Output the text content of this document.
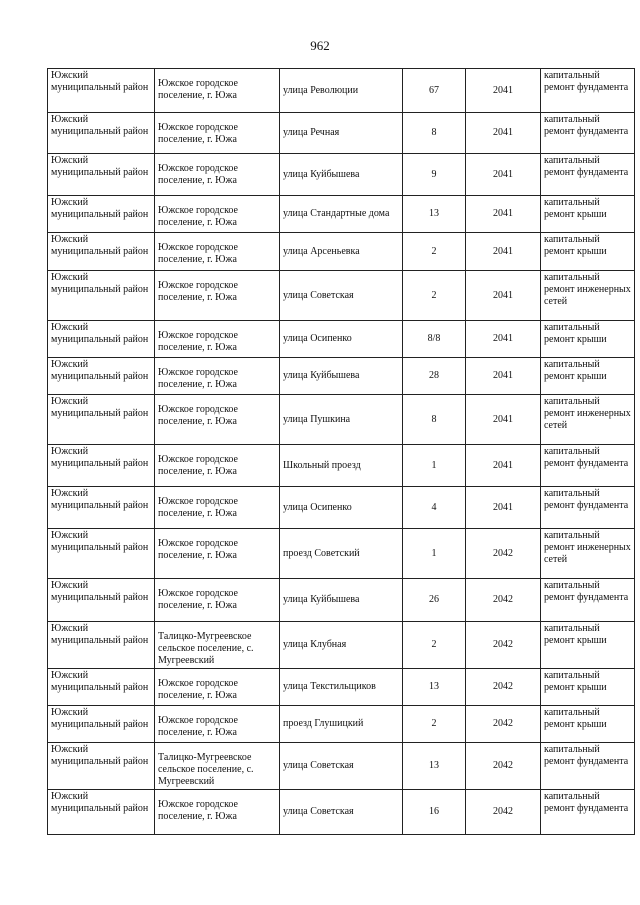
962
Южский муниципальный район	Южское городское поселение, г. Южа	улица Революции	67	2041	капитальный ремонт фундамента
Южский муниципальный район	Южское городское поселение, г. Южа	улица Речная	8	2041	капитальный ремонт фундамента
Южский муниципальный район	Южское городское поселение, г. Южа	улица Куйбышева	9	2041	капитальный ремонт фундамента
Южский муниципальный район	Южское городское поселение, г. Южа	улица Стандартные дома	13	2041	капитальный ремонт крыши
Южский муниципальный район	Южское городское поселение, г. Южа	улица Арсеньевка	2	2041	капитальный ремонт крыши
Южский муниципальный район	Южское городское поселение, г. Южа	улица Советская	2	2041	капитальный ремонт инженерных сетей
Южский муниципальный район	Южское городское поселение, г. Южа	улица Осипенко	8/8	2041	капитальный ремонт крыши
Южский муниципальный район	Южское городское поселение, г. Южа	улица Куйбышева	28	2041	капитальный ремонт крыши
Южский муниципальный район	Южское городское поселение, г. Южа	улица Пушкина	8	2041	капитальный ремонт инженерных сетей
Южский муниципальный район	Южское городское поселение, г. Южа	Школьный проезд	1	2041	капитальный ремонт фундамента
Южский муниципальный район	Южское городское поселение, г. Южа	улица Осипенко	4	2041	капитальный ремонт фундамента
Южский муниципальный район	Южское городское поселение, г. Южа	проезд Советский	1	2042	капитальный ремонт инженерных сетей
Южский муниципальный район	Южское городское поселение, г. Южа	улица Куйбышева	26	2042	капитальный ремонт фундамента
Южский муниципальный район	Талицко-Мугреевское сельское поселение, с. Мугреевский	улица Клубная	2	2042	капитальный ремонт крыши
Южский муниципальный район	Южское городское поселение, г. Южа	улица Текстильщиков	13	2042	капитальный ремонт крыши
Южский муниципальный район	Южское городское поселение, г. Южа	проезд Глушицкий	2	2042	капитальный ремонт крыши
Южский муниципальный район	Талицко-Мугреевское сельское поселение, с. Мугреевский	улица Советская	13	2042	капитальный ремонт фундамента
Южский муниципальный район	Южское городское поселение, г. Южа	улица Советская	16	2042	капитальный ремонт фундамента
